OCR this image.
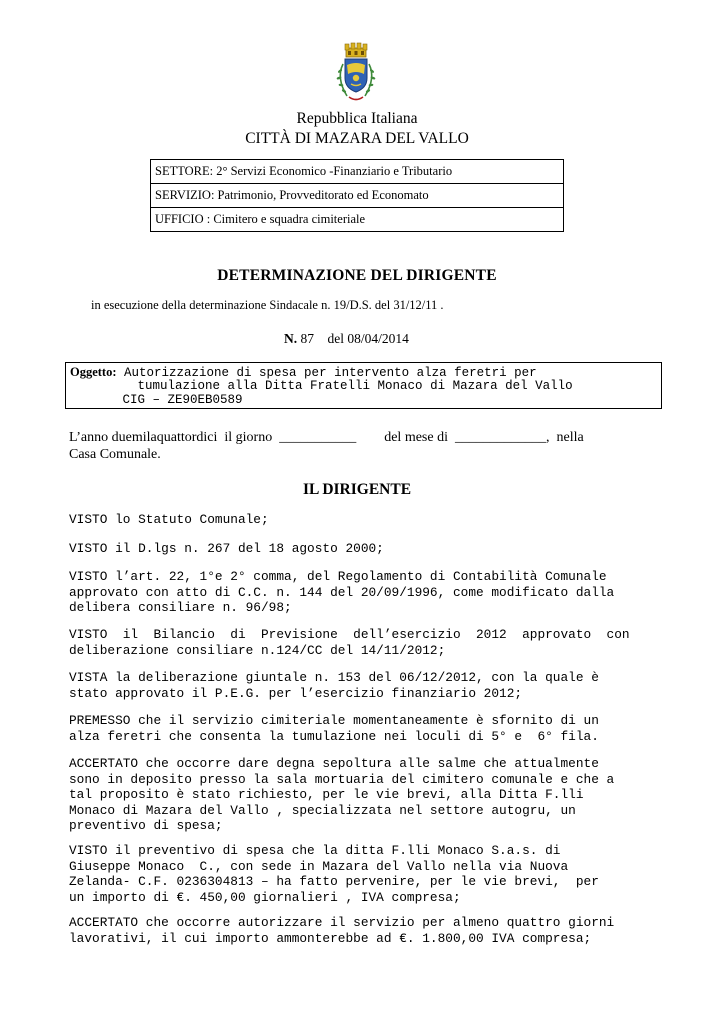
Repubblica Italiana
CITTÀ DI MAZARA DEL VALLO
SETTORE: 2° Servizi Economico -Finanziario e Tributario
SERVIZIO: Patrimonio, Provveditorato ed Economato
UFFICIO : Cimitero e squadra cimiteriale
DETERMINAZIONE DEL DIRIGENTE
in esecuzione della determinazione Sindacale n. 19/D.S. del 31/12/11 .
N. 87    del 08/04/2014
Oggetto: Autorizzazione di spesa per intervento alza feretri per
tumulazione alla Ditta Fratelli Monaco di Mazara del Vallo
CIG – ZE90EB0589
L’anno duemilaquattordici  il giorno  ___________        del mese di  _____________,  nella
Casa Comunale.
IL DIRIGENTE
VISTO lo Statuto Comunale;
VISTO il D.lgs n. 267 del 18 agosto 2000;
VISTO l’art. 22, 1°e 2° comma, del Regolamento di Contabilità Comunale
approvato con atto di C.C. n. 144 del 20/09/1996, come modificato dalla
delibera consiliare n. 96/98;
VISTO  il  Bilancio  di  Previsione  dell’esercizio  2012  approvato  con
deliberazione consiliare n.124/CC del 14/11/2012;
VISTA la deliberazione giuntale n. 153 del 06/12/2012, con la quale è
stato approvato il P.E.G. per l’esercizio finanziario 2012;
PREMESSO che il servizio cimiteriale momentaneamente è sfornito di un
alza feretri che consenta la tumulazione nei loculi di 5° e  6° fila.
ACCERTATO che occorre dare degna sepoltura alle salme che attualmente
sono in deposito presso la sala mortuaria del cimitero comunale e che a
tal proposito è stato richiesto, per le vie brevi, alla Ditta F.lli
Monaco di Mazara del Vallo , specializzata nel settore autogru, un
preventivo di spesa;
VISTO il preventivo di spesa che la ditta F.lli Monaco S.a.s. di
Giuseppe Monaco  C., con sede in Mazara del Vallo nella via Nuova
Zelanda- C.F. 0236304813 – ha fatto pervenire, per le vie brevi,  per
un importo di €. 450,00 giornalieri , IVA compresa;
ACCERTATO che occorre autorizzare il servizio per almeno quattro giorni
lavorativi, il cui importo ammonterebbe ad €. 1.800,00 IVA compresa;
